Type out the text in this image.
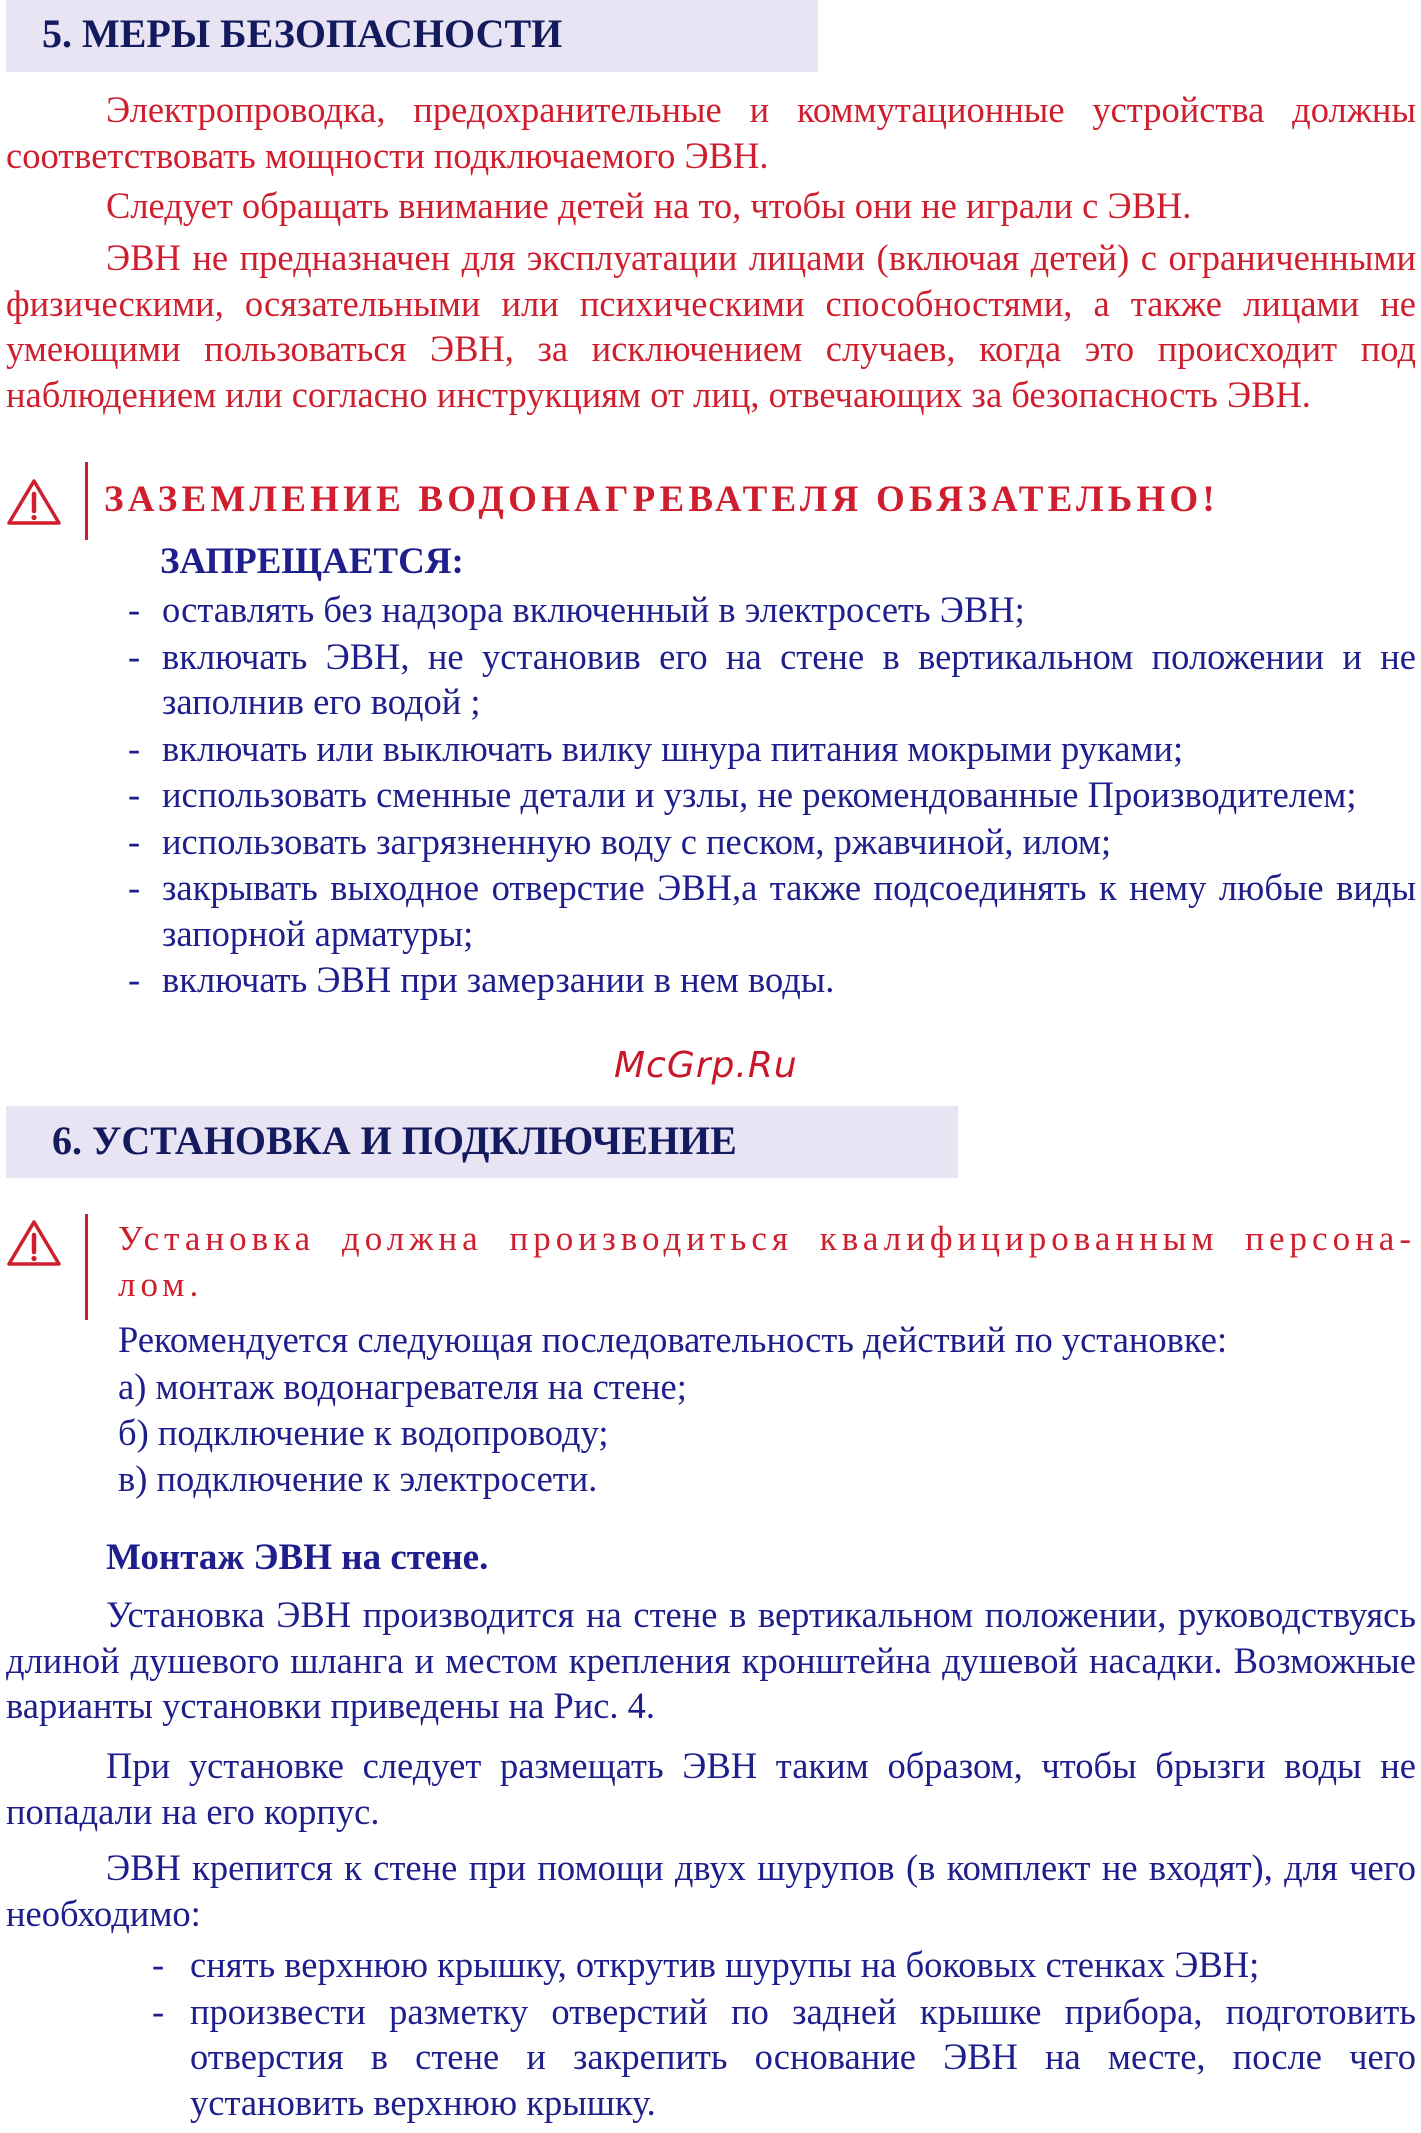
5. МЕРЫ БЕЗОПАСНОСТИ

Электропроводка, предохранительные и коммутационные устройства должны соответствовать мощности подключаемого ЭВН.

Следует обращать внимание детей на то, чтобы они не играли с ЭВН.

ЭВН не предназначен для эксплуатации лицами (включая детей) с ограниченными физическими, осязательными или психическими способностями, а также лицами не умеющими пользоваться ЭВН, за исключением случаев, когда это происходит под наблюдением или согласно инструкциям от лиц, отвечающих за безопасность ЭВН.

ЗАЗЕМЛЕНИЕ ВОДОНАГРЕВАТЕЛЯ ОБЯЗАТЕЛЬНО!
ЗАПРЕЩАЕТСЯ:
- оставлять без надзора включенный в электросеть ЭВН;
- включать ЭВН, не установив его на стене в вертикальном положении и не заполнив его водой ;
- включать или выключать вилку шнура питания мокрыми руками;
- использовать сменные детали и узлы, не рекомендованные Производителем;
- использовать загрязненную воду с песком, ржавчиной, илом;
- закрывать выходное отверстие ЭВН,а также подсоединять к нему любые виды запорной арматуры;
- включать ЭВН при замерзании в нем воды.
McGrp.Ru
6. УСТАНОВКА И ПОДКЛЮЧЕНИЕ
Установка должна производиться квалифицированным персона-
лом.
Рекомендуется следующая последовательность действий по установке:
а) монтаж водонагревателя на стене;
б) подключение к водопроводу;
в) подключение к электросети.
Монтаж ЭВН на стене.

Установка ЭВН производится на стене в вертикальном положении, руководствуясь длиной душевого шланга и местом крепления кронштейна душевой насадки. Возможные варианты установки приведены на Рис. 4.

При установке следует размещать ЭВН таким образом, чтобы брызги воды не попадали на его корпус.

ЭВН крепится к стене при помощи двух шурупов (в комплект не входят), для чего необходимо:

- снять верхнюю крышку, открутив шурупы на боковых стенках ЭВН;
- произвести разметку отверстий по задней крышке прибора, подготовить отверстия в стене и закрепить основание ЭВН на месте, после чего установить верхнюю крышку.
